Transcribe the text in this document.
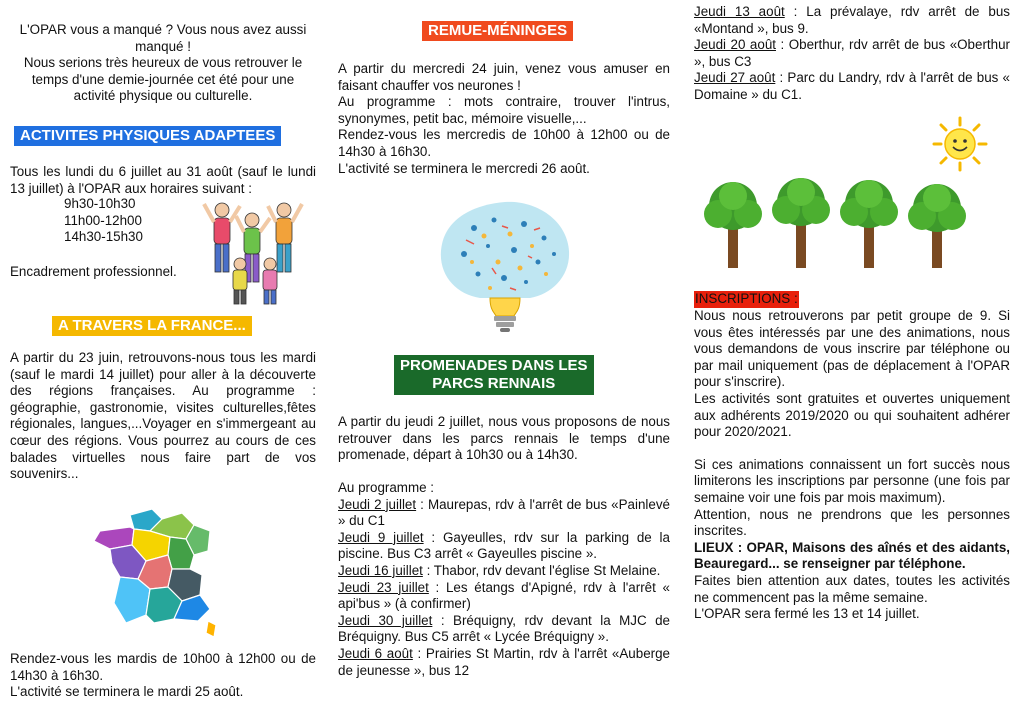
L'OPAR vous a manqué ? Vous nous avez aussi manqué !

Nous serions très heureux de vous retrouver le temps d'une demie-journée cet été pour une activité physique ou culturelle.

ACTIVITES PHYSIQUES ADAPTEES

Tous les lundi du 6 juillet au 31 août (sauf le lundi 13 juillet) à l'OPAR aux horaires suivant :

9h30-10h30

11h00-12h00

14h30-15h30

Encadrement professionnel.

A TRAVERS LA FRANCE...

A partir du 23 juin, retrouvons-nous tous les mardi (sauf le mardi 14 juillet) pour aller à la découverte des régions françaises. Au programme : géographie, gastronomie, visites culturelles,fêtes régionales, langues,...Voyager en s'immergeant au cœur des régions. Vous pourrez au cours de ces balades virtuelles nous faire part de vos souvenirs...

Rendez-vous les mardis de 10h00 à 12h00 ou de 14h30 à 16h30.

L'activité se terminera le mardi 25 août.

REMUE-MÉNINGES

A partir du mercredi 24 juin, venez vous amuser en faisant chauffer vos neurones !

Au programme : mots contraire, trouver l'intrus, synonymes, petit bac, mémoire visuelle,...

Rendez-vous les mercredis de 10h00 à 12h00 ou de 14h30 à 16h30.

L'activité se terminera le mercredi 26 août.

PROMENADES DANS LES
PARCS RENNAIS

A partir du jeudi 2 juillet, nous vous proposons de nous retrouver dans les parcs rennais le temps d'une promenade, départ à 10h30 ou à 14h30.

Au programme :

Jeudi 2 juillet : Maurepas, rdv à l'arrêt de bus «Painlevé » du C1

Jeudi 9 juillet : Gayeulles, rdv sur la parking de la piscine. Bus C3 arrêt « Gayeulles piscine ».

Jeudi 16 juillet : Thabor, rdv devant l'église St Melaine.

Jeudi 23 juillet : Les étangs d'Apigné, rdv à l'arrêt « api'bus » (à confirmer)

Jeudi 30 juillet : Bréquigny, rdv devant la MJC de Bréquigny. Bus C5 arrêt « Lycée Bréquigny ».

Jeudi 6 août : Prairies St Martin, rdv à l'arrêt «Auberge de jeunesse », bus 12

Jeudi 13 août : La prévalaye, rdv arrêt de bus «Montand », bus 9.

Jeudi 20 août : Oberthur, rdv arrêt de bus «Oberthur », bus C3

Jeudi 27 août : Parc du Landry, rdv à l'arrêt de bus « Domaine » du C1.

INSCRIPTIONS :

Nous nous retrouverons par petit groupe de 9. Si vous êtes intéressés par une des animations, nous vous demandons de vous inscrire par téléphone ou par mail uniquement (pas de déplacement à l'OPAR pour s'inscrire).

Les activités sont gratuites et ouvertes uniquement aux adhérents 2019/2020 ou qui souhaitent adhérer pour 2020/2021.

Si ces animations connaissent un fort succès nous limiterons les inscriptions par personne (une fois par semaine voir une fois par mois maximum).

Attention, nous ne prendrons que les personnes inscrites.

LIEUX : OPAR, Maisons des aînés et des aidants, Beauregard... se renseigner par téléphone.

Faites bien attention aux dates, toutes les activités ne commencent pas la même semaine.

L'OPAR sera fermé les 13 et 14 juillet.
